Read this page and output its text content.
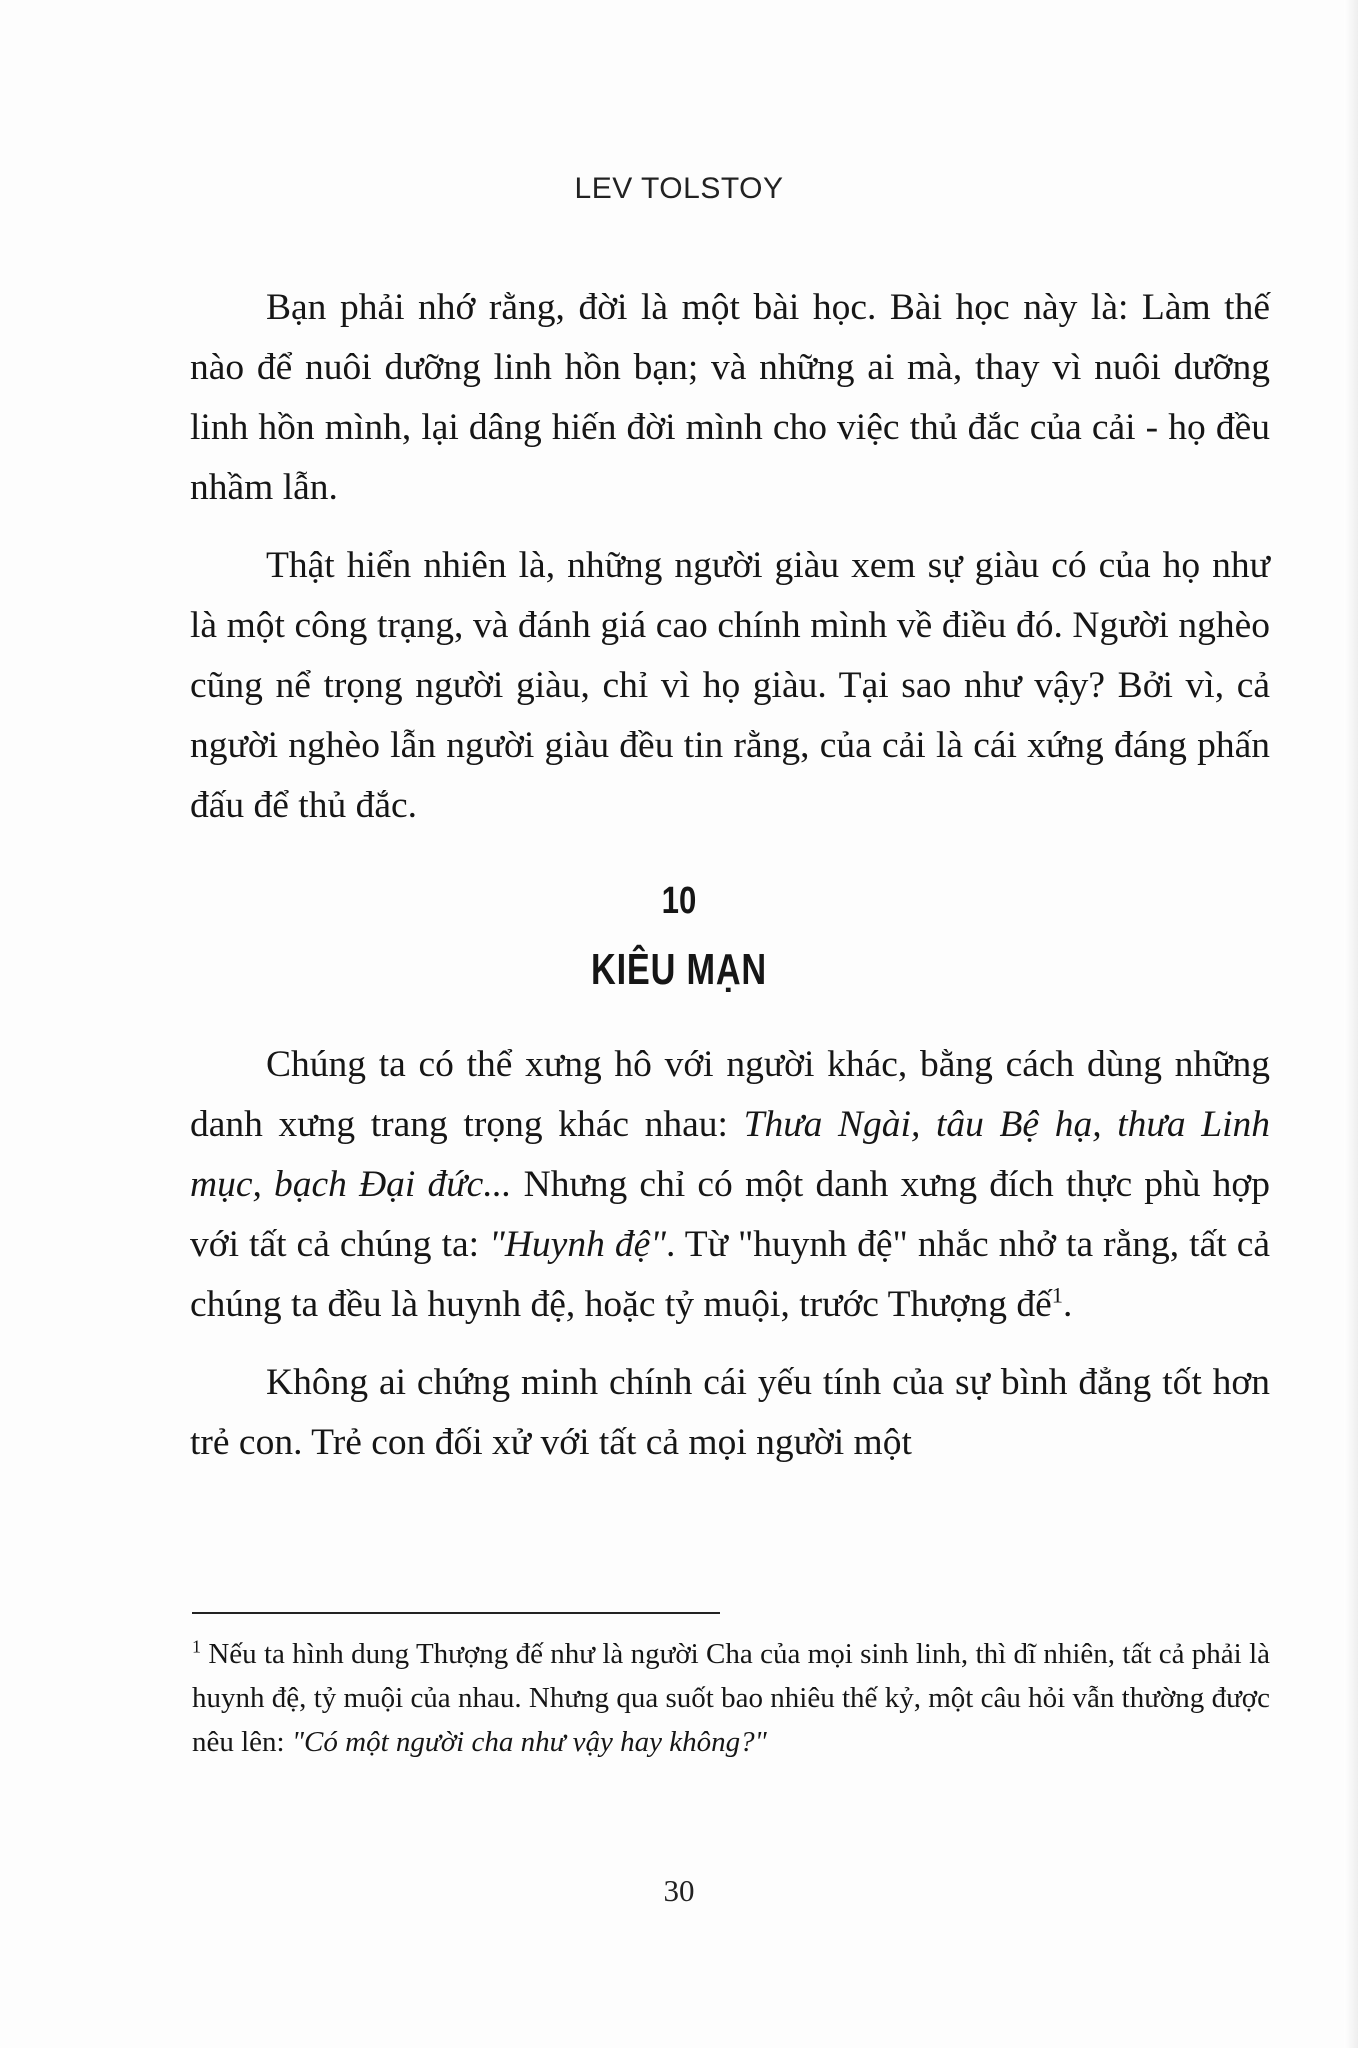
LEV TOLSTOY

Bạn phải nhớ rằng, đời là một bài học. Bài học này là: Làm thế nào để nuôi dưỡng linh hồn bạn; và những ai mà, thay vì nuôi dưỡng linh hồn mình, lại dâng hiến đời mình cho việc thủ đắc của cải - họ đều nhầm lẫn.

Thật hiển nhiên là, những người giàu xem sự giàu có của họ như là một công trạng, và đánh giá cao chính mình về điều đó. Người nghèo cũng nể trọng người giàu, chỉ vì họ giàu. Tại sao như vậy? Bởi vì, cả người nghèo lẫn người giàu đều tin rằng, của cải là cái xứng đáng phấn đấu để thủ đắc.

10
KIÊU MẠN

Chúng ta có thể xưng hô với người khác, bằng cách dùng những danh xưng trang trọng khác nhau: Thưa Ngài, tâu Bệ hạ, thưa Linh mục, bạch Đại đức... Nhưng chỉ có một danh xưng đích thực phù hợp với tất cả chúng ta: "Huynh đệ". Từ "huynh đệ" nhắc nhở ta rằng, tất cả chúng ta đều là huynh đệ, hoặc tỷ muội, trước Thượng đế$^1$.

Không ai chứng minh chính cái yếu tính của sự bình đẳng tốt hơn trẻ con. Trẻ con đối xử với tất cả mọi người một

$^1$ Nếu ta hình dung Thượng đế như là người Cha của mọi sinh linh, thì dĩ nhiên, tất cả phải là huynh đệ, tỷ muội của nhau. Nhưng qua suốt bao nhiêu thế kỷ, một câu hỏi vẫn thường được nêu lên: "Có một người cha như vậy hay không?"

30
